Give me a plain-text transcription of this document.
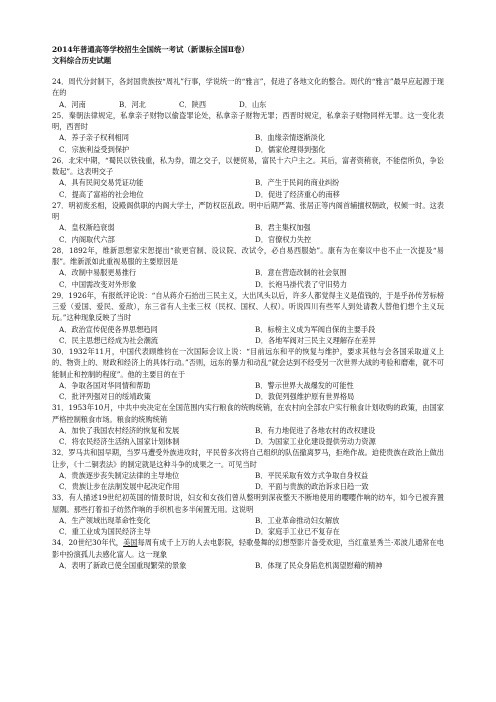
2014年普通高等学校招生全国统一考试（新课标全国Ⅱ卷）
文科综合历史试题
24．周代分封制下，各封国贵族按“周礼”行事，学说统一的“雅言”，促进了各地文化的整合。周代的“雅言”最早应起源于现在的
A．河南	B．河北	C．陕西	D．山东
25．秦朝法律规定，私拿亲子财物以偷盗罪论处，私拿亲子财物无罪；西晋时规定，私拿亲子财物同样无罪。这一变化表明，西晋时
A．养子亲子权利相同	B．血缘亲情逐渐淡化
C．宗族利益受到保护	D．儒家伦理得到强化
26．北宋中期，“蜀民以铁钱重，私为券，谓之交子，以便贸易，富民十六户主之。其后，富者资稍衰，不能偿所负，争讼数起”。这表明交子
A．具有民间交易凭证功能	B．产生于民间的商业纠纷
C．提高了富裕的社会地位	D．促进了经济重心的南移
27．明初废丞相，设殿阁供职的内阁大学士，严防权臣乱政。明中后期严嵩、张居正等内阁首辅擅权朝政，权倾一时。这表明
A．皇权渐趋衰弱	B．君主集权加强
C．内阁取代六部	D．官僚权力失控
28．1892年，维新思想家宋恕提出“欲更官制、设议院、改试令，必自易西服始”。康有为在秦议中也不止一次提及“易服”。维新派如此重视易服的主要原因是
A．改制中易服更易推行	B．意在营造改制的社会氛围
C．中国需改变对外形象	D．长袍马褂代表了守旧势力
29．1926年，有报纸评论说：“自从蒋介石抬出三民主义，大出风头以后，许多人都觉得主义是值钱的，于是乎孙传芳标榜三爱（爱国、爱民、爱敌），东三省有人主张三权（民权、国权、人权）。听说四川有些军人到处请教人替他们想个主义玩玩。”这种现象反映了当时
A．政治宣传促使各界思想趋同	B．标榜主义成为军阀自保的主要手段
C．民主思想已经成为社会潮流	D．各地军阀对三民主义理解存在差异
30．1932年11月，中国代表顾维钧在一次国际会议上说：“目前远东和平的恢复与维护，要求其他与会各国采取道义上的、物资上的、财政和经济上的具体行动。”否则，远东的暴力和动乱“就会达到不经受另一次世界大战的考验和磨难，就不可能制止和控制的程度”。他的主要目的在于
A．争取各国对华同情和帮助	B．警示世界大战爆发的可能性
C．批评列强对日的绥靖政策	D．敦促列强维护原有世界格局
31．1953年10月，中共中央决定在全国范围内实行粮食的统购统销，在农村向全部农户实行粮食计划收购的政策，由国家严格控制粮食市场。粮食的统购统销
A．加快了我国农村经济的恢复和发展	B．有力地促进了各地农村的改权建设
C．将农民经济生活纳入国家计划体制	D．为国家工业化建设提供劳动力资源
32．罗马共和国早期，当罗马遭受外族进攻时，平民曾多次将自己组织的队伍撤离罗马，拒绝作战。迫使贵族在政治上做出让步，《十二铜表法》的制定就是这种斗争的成果之一。可见当时
A．贵族逐步丧失制定法律的主导地位	B．平民采取有效方式争取自身权益
C．贵族让步在法制发展中起决定作用	D．平面与贵族的政治诉求日趋一致
33．有人描述19世纪初英国的情景时说，妇女和女孩们曾从整明到深夜整天不断地使用的嘤嘤作响的纺车，如今已被弃置屋隅。那些打着扣子纺然作响的手织机也多半闲置无用。这说明
A．生产领域出现革命性变化	B．工业革命推动妇女解放
C．重工业成为国民经济主导	D．家庭手工业已不复存在
34．20世纪30年代，美国每周有成千上万的人去电影院，轻歌曼舞的幻想型影片备受欢迎，当红童星秀兰·邓波儿通常在电影中扮演孤儿去感化富人。这一现象
A．表明了新政已使全国重现繁荣的景象	B．体现了民众身陷危机渴望慰藉的精神
